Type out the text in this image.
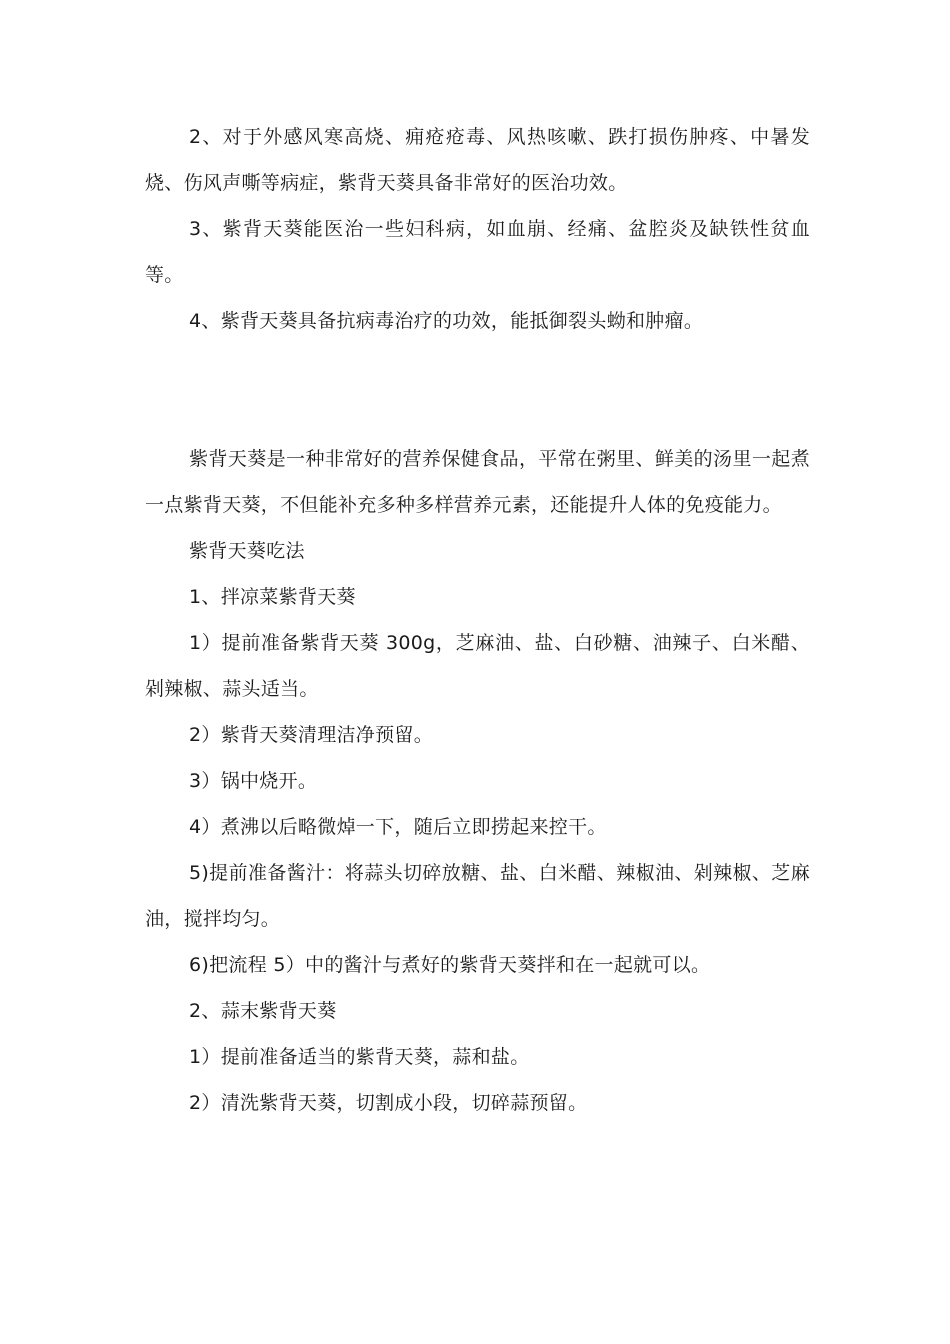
2、对于外感风寒高烧、痈疮疮毒、风热咳嗽、跌打损伤肿疼、中暑发烧、伤风声嘶等病症，紫背天葵具备非常好的医治功效。

3、紫背天葵能医治一些妇科病，如血崩、经痛、盆腔炎及缺铁性贫血等。

4、紫背天葵具备抗病毒治疗的功效，能抵御裂头蚴和肿瘤。

紫背天葵是一种非常好的营养保健食品，平常在粥里、鲜美的汤里一起煮一点紫背天葵，不但能补充多种多样营养元素，还能提升人体的免疫能力。

紫背天葵吃法

1、拌凉菜紫背天葵

1）提前准备紫背天葵 300g，芝麻油、盐、白砂糖、油辣子、白米醋、剁辣椒、蒜头适当。

2）紫背天葵清理洁净预留。

3）锅中烧开。

4）煮沸以后略微焯一下，随后立即捞起来控干。

5)提前准备酱汁：将蒜头切碎放糖、盐、白米醋、辣椒油、剁辣椒、芝麻油，搅拌均匀。

6)把流程 5）中的酱汁与煮好的紫背天葵拌和在一起就可以。

2、蒜末紫背天葵

1）提前准备适当的紫背天葵，蒜和盐。

2）清洗紫背天葵，切割成小段，切碎蒜预留。
